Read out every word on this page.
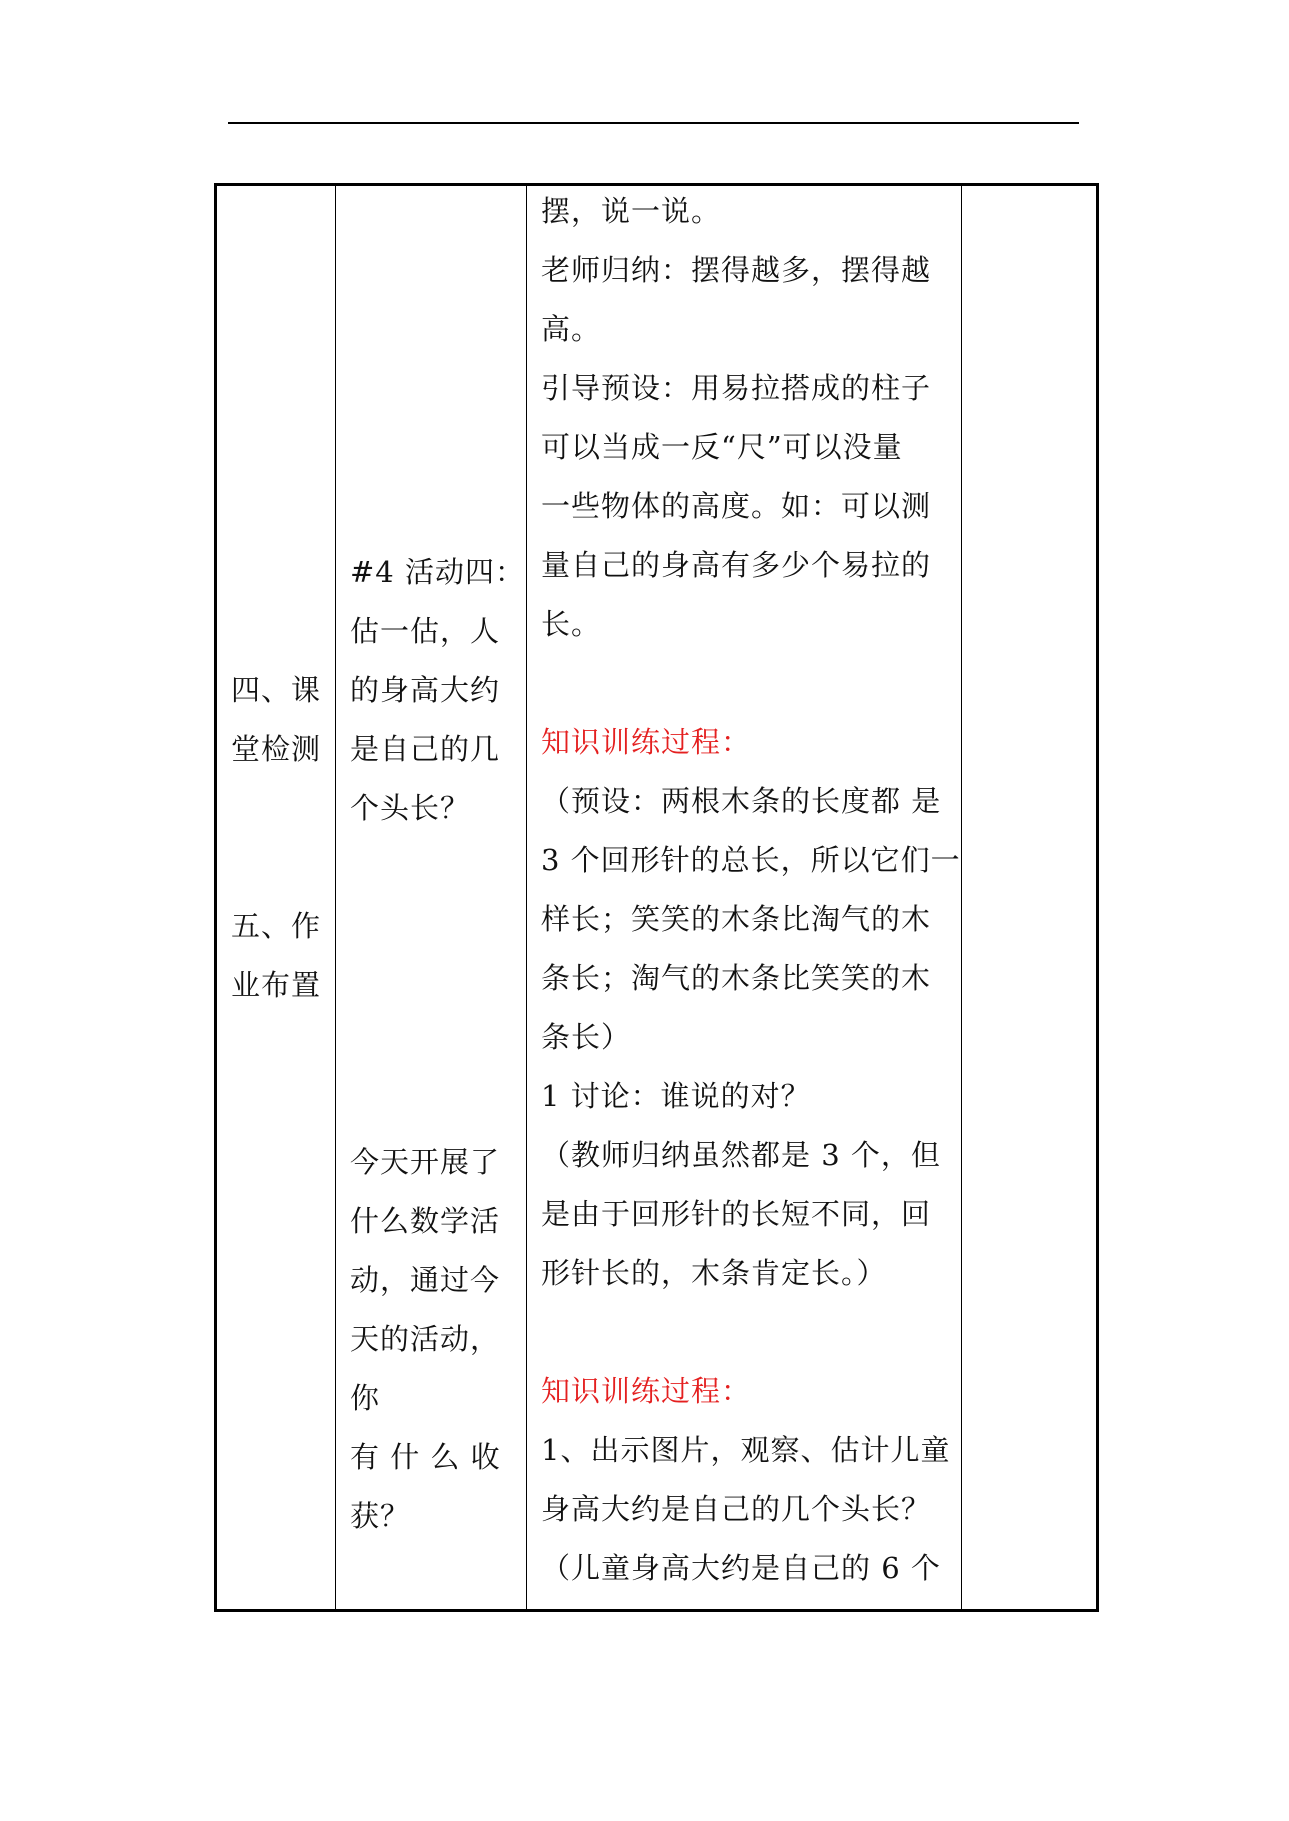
四、课
堂检测
五、作
业布置

#4 活动四：
估一估，人
的身高大约
是自己的几
个头长？
今天开展了
什么数学活
动，通过今
天的活动，
你
有 什 么 收
获？

摆，说一说。
老师归纳：摆得越多，摆得越
高。
引导预设：用易拉搭成的柱子
可以当成一反“尺”可以没量
一些物体的高度。如：可以测
量自己的身高有多少个易拉的
长。
知识训练过程：
（预设：两根木条的长度都 是
3 个回形针的总长，所以它们一
样长；笑笑的木条比淘气的木
条长；淘气的木条比笑笑的木
条长）
1 讨论：谁说的对？
（教师归纳虽然都是 3 个，但
是由于回形针的长短不同，回
形针长的，木条肯定长。）
知识训练过程：
1、出示图片，观察、估计儿童
身高大约是自己的几个头长？
（儿童身高大约是自己的 6 个
